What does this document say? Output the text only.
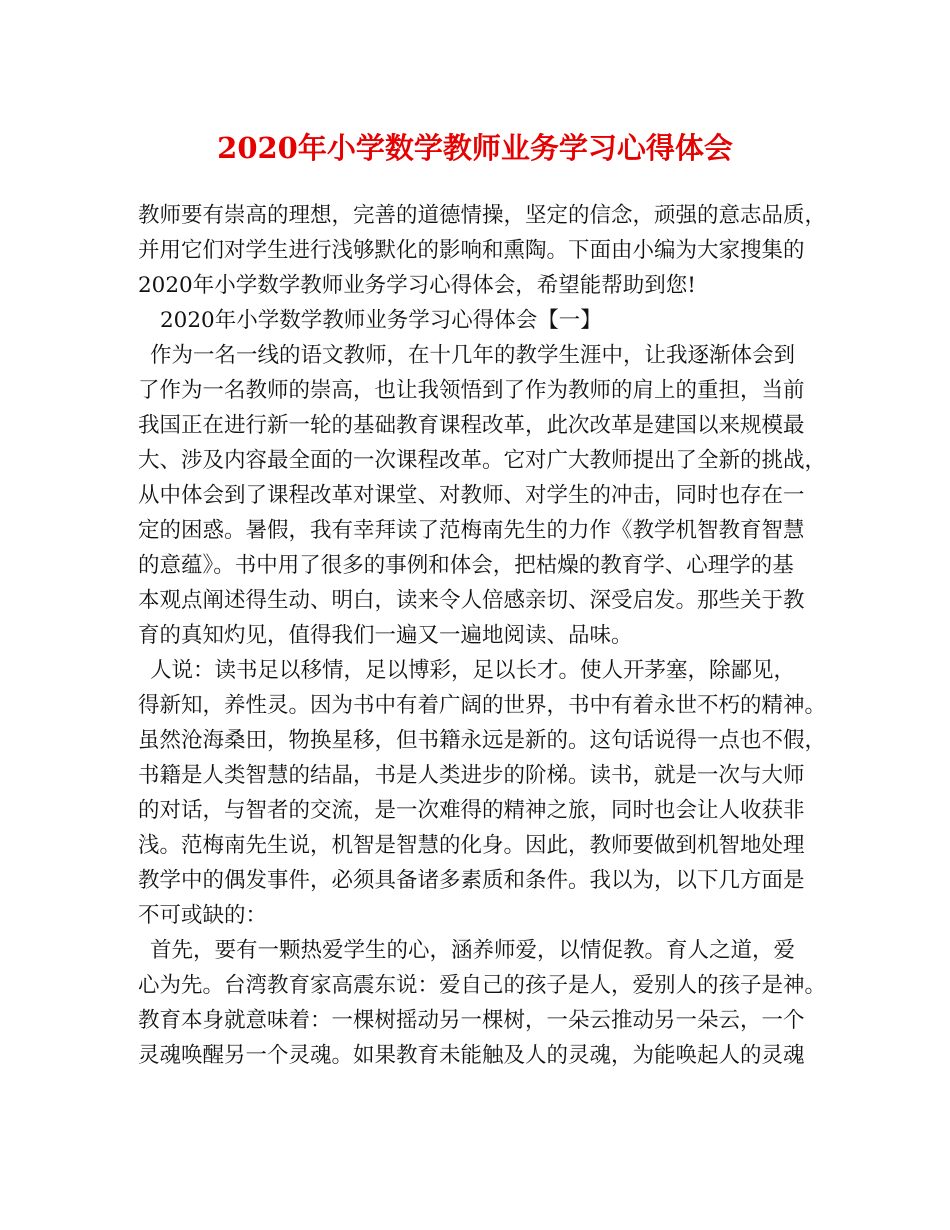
2020年小学数学教师业务学习心得体会
教师要有崇高的理想，完善的道德情操，坚定的信念，顽强的意志品质，
并用它们对学生进行浅够默化的影响和熏陶。下面由小编为大家搜集的
2020年小学数学教师业务学习心得体会，希望能帮助到您!
2020年小学数学教师业务学习心得体会【一】
作为一名一线的语文教师，在十几年的教学生涯中，让我逐渐体会到
了作为一名教师的崇高，也让我领悟到了作为教师的肩上的重担，当前
我国正在进行新一轮的基础教育课程改革，此次改革是建国以来规模最
大、涉及内容最全面的一次课程改革。它对广大教师提出了全新的挑战，
从中体会到了课程改革对课堂、对教师、对学生的冲击，同时也存在一
定的困惑。暑假，我有幸拜读了范梅南先生的力作《教学机智教育智慧
的意蕴》。书中用了很多的事例和体会，把枯燥的教育学、心理学的基
本观点阐述得生动、明白，读来令人倍感亲切、深受启发。那些关于教
育的真知灼见，值得我们一遍又一遍地阅读、品味。
人说：读书足以移情，足以博彩，足以长才。使人开茅塞，除鄙见，
得新知，养性灵。因为书中有着广阔的世界，书中有着永世不朽的精神。
虽然沧海桑田，物换星移，但书籍永远是新的。这句话说得一点也不假，
书籍是人类智慧的结晶，书是人类进步的阶梯。读书，就是一次与大师
的对话，与智者的交流，是一次难得的精神之旅，同时也会让人收获非
浅。范梅南先生说，机智是智慧的化身。因此，教师要做到机智地处理
教学中的偶发事件，必须具备诸多素质和条件。我以为，以下几方面是
不可或缺的：
首先，要有一颗热爱学生的心，涵养师爱，以情促教。育人之道，爱
心为先。台湾教育家高震东说：爱自己的孩子是人，爱别人的孩子是神。
教育本身就意味着：一棵树摇动另一棵树，一朵云推动另一朵云，一个
灵魂唤醒另一个灵魂。如果教育未能触及人的灵魂，为能唤起人的灵魂
